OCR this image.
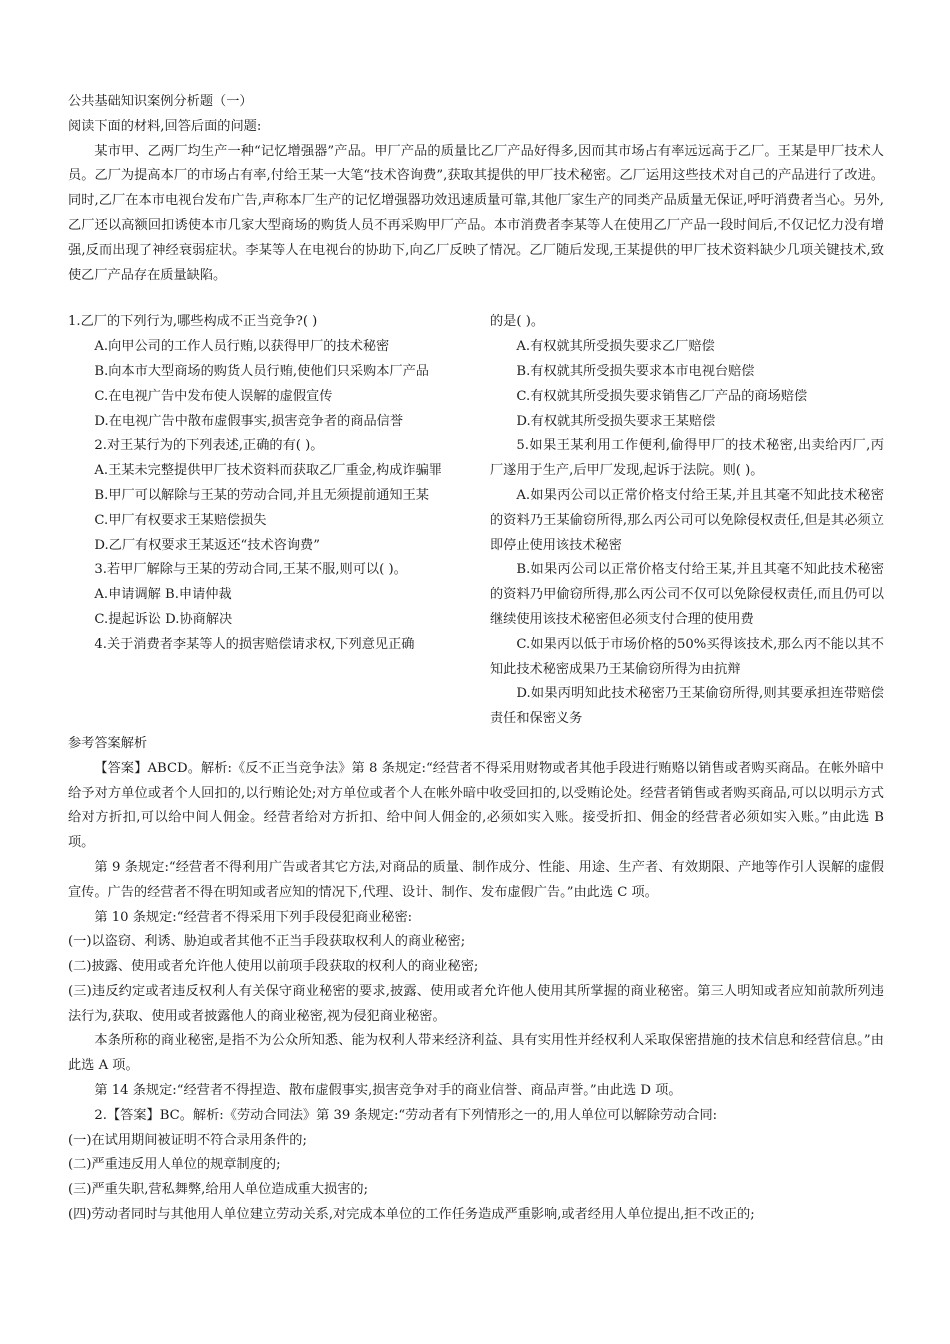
公共基础知识案例分析题（一）
阅读下面的材料,回答后面的问题:
某市甲、乙两厂均生产一种“记忆增强器”产品。甲厂产品的质量比乙厂产品好得多,因而其市场占有率远远高于乙厂。王某是甲厂技术人员。乙厂为提高本厂的市场占有率,付给王某一大笔“技术咨询费”,获取其提供的甲厂技术秘密。乙厂运用这些技术对自己的产品进行了改进。同时,乙厂在本市电视台发布广告,声称本厂生产的记忆增强器功效迅速质量可靠,其他厂家生产的同类产品质量无保证,呼吁消费者当心。另外,乙厂还以高额回扣诱使本市几家大型商场的购货人员不再采购甲厂产品。本市消费者李某等人在使用乙厂产品一段时间后,不仅记忆力没有增强,反而出现了神经衰弱症状。李某等人在电视台的协助下,向乙厂反映了情况。乙厂随后发现,王某提供的甲厂技术资料缺少几项关键技术,致使乙厂产品存在质量缺陷。
1.乙厂的下列行为,哪些构成不正当竞争?( )
A.向甲公司的工作人员行贿,以获得甲厂的技术秘密
B.向本市大型商场的购货人员行贿,使他们只采购本厂产品
C.在电视广告中发布使人误解的虚假宣传
D.在电视广告中散布虚假事实,损害竞争者的商品信誉
2.对王某行为的下列表述,正确的有( )。
A.王某未完整提供甲厂技术资料而获取乙厂重金,构成诈骗罪
B.甲厂可以解除与王某的劳动合同,并且无须提前通知王某
C.甲厂有权要求王某赔偿损失
D.乙厂有权要求王某返还“技术咨询费”
3.若甲厂解除与王某的劳动合同,王某不服,则可以( )。
A.申请调解 B.申请仲裁
C.提起诉讼 D.协商解决
4.关于消费者李某等人的损害赔偿请求权,下列意见正确
的是( )。
A.有权就其所受损失要求乙厂赔偿
B.有权就其所受损失要求本市电视台赔偿
C.有权就其所受损失要求销售乙厂产品的商场赔偿
D.有权就其所受损失要求王某赔偿
5.如果王某利用工作便利,偷得甲厂的技术秘密,出卖给丙厂,丙厂遂用于生产,后甲厂发现,起诉于法院。则( )。
A.如果丙公司以正常价格支付给王某,并且其毫不知此技术秘密的资料乃王某偷窃所得,那么丙公司可以免除侵权责任,但是其必须立即停止使用该技术秘密
B.如果丙公司以正常价格支付给王某,并且其毫不知此技术秘密的资料乃甲偷窃所得,那么丙公司不仅可以免除侵权责任,而且仍可以继续使用该技术秘密但必须支付合理的使用费
C.如果丙以低于市场价格的50%买得该技术,那么丙不能以其不知此技术秘密成果乃王某偷窃所得为由抗辩
D.如果丙明知此技术秘密乃王某偷窃所得,则其要承担连带赔偿责任和保密义务
参考答案解析
【答案】ABCD。解析:《反不正当竞争法》第 8 条规定:“经营者不得采用财物或者其他手段进行贿赂以销售或者购买商品。在帐外暗中给予对方单位或者个人回扣的,以行贿论处;对方单位或者个人在帐外暗中收受回扣的,以受贿论处。经营者销售或者购买商品,可以以明示方式给对方折扣,可以给中间人佣金。经营者给对方折扣、给中间人佣金的,必须如实入账。接受折扣、佣金的经营者必须如实入账。”由此选 B 项。
第 9 条规定:“经营者不得利用广告或者其它方法,对商品的质量、制作成分、性能、用途、生产者、有效期限、产地等作引人误解的虚假宣传。广告的经营者不得在明知或者应知的情况下,代理、设计、制作、发布虚假广告。”由此选 C 项。
第 10 条规定:“经营者不得采用下列手段侵犯商业秘密:
(一)以盗窃、利诱、胁迫或者其他不正当手段获取权利人的商业秘密;
(二)披露、使用或者允许他人使用以前项手段获取的权利人的商业秘密;
(三)违反约定或者违反权利人有关保守商业秘密的要求,披露、使用或者允许他人使用其所掌握的商业秘密。第三人明知或者应知前款所列违法行为,获取、使用或者披露他人的商业秘密,视为侵犯商业秘密。
本条所称的商业秘密,是指不为公众所知悉、能为权利人带来经济利益、具有实用性并经权利人采取保密措施的技术信息和经营信息。”由此选 A 项。
第 14 条规定:“经营者不得捏造、散布虚假事实,损害竞争对手的商业信誉、商品声誉。”由此选 D 项。
2.【答案】BC。解析:《劳动合同法》第 39 条规定:“劳动者有下列情形之一的,用人单位可以解除劳动合同:
(一)在试用期间被证明不符合录用条件的;
(二)严重违反用人单位的规章制度的;
(三)严重失职,营私舞弊,给用人单位造成重大损害的;
(四)劳动者同时与其他用人单位建立劳动关系,对完成本单位的工作任务造成严重影响,或者经用人单位提出,拒不改正的;
